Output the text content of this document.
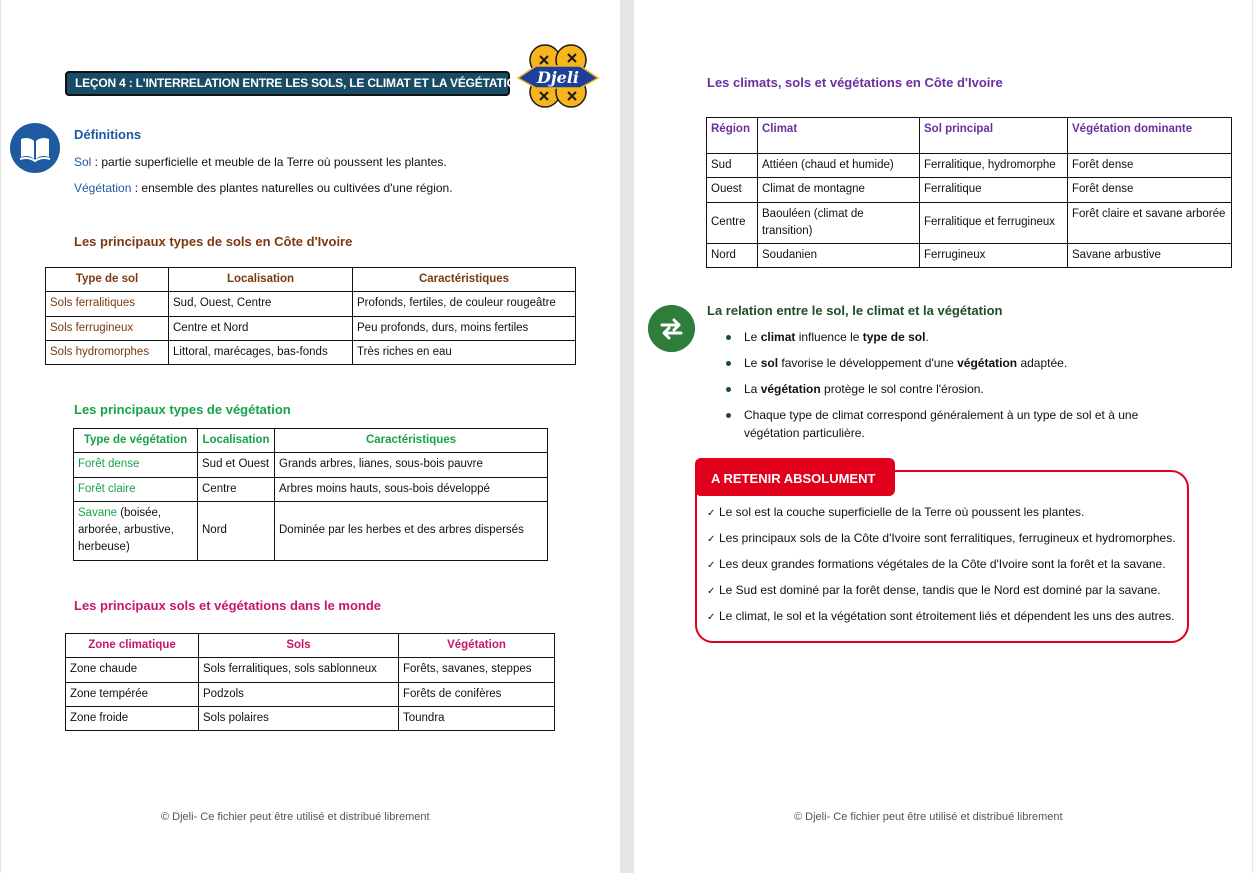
LEÇON 4 : L'INTERRELATION ENTRE LES SOLS, LE CLIMAT ET LA VÉGÉTATION Djeli
Définitions
Sol : partie superficielle et meuble de la Terre où poussent les plantes.
Végétation : ensemble des plantes naturelles ou cultivées d'une région.
Les principaux types de sols en Côte d'Ivoire
Type de sol	Localisation	Caractéristiques
Sols ferralitiques	Sud, Ouest, Centre	Profonds, fertiles, de couleur rougeâtre
Sols ferrugineux	Centre et Nord	Peu profonds, durs, moins fertiles
Sols hydromorphes	Littoral, marécages, bas-fonds	Très riches en eau
Les principaux types de végétation
Type de végétation	Localisation	Caractéristiques
Forêt dense	Sud et Ouest	Grands arbres, lianes, sous-bois pauvre
Forêt claire	Centre	Arbres moins hauts, sous-bois développé
Savane (boisée, arborée, arbustive, herbeuse)	Nord	Dominée par les herbes et des arbres dispersés
Les principaux sols et végétations dans le monde
Zone climatique	Sols	Végétation
Zone chaude	Sols ferralitiques, sols sablonneux	Forêts, savanes, steppes
Zone tempérée	Podzols	Forêts de conifères
Zone froide	Sols polaires	Toundra
© Djeli- Ce fichier peut être utilisé et distribué librement
Les climats, sols et végétations en Côte d'Ivoire
Région	Climat	Sol principal	Végétation dominante
Sud	Attiéen (chaud et humide)	Ferralitique, hydromorphe	Forêt dense
Ouest	Climat de montagne	Ferralitique	Forêt dense
Centre	Baouléen (climat de transition)	Ferralitique et ferrugineux	Forêt claire et savane arborée
Nord	Soudanien	Ferrugineux	Savane arbustive
La relation entre le sol, le climat et la végétation
Le climat influence le type de sol.
Le sol favorise le développement d'une végétation adaptée.
La végétation protège le sol contre l'érosion.
Chaque type de climat correspond généralement à un type de sol et à une végétation particulière.
A RETENIR ABSOLUMENT
✓ Le sol est la couche superficielle de la Terre où poussent les plantes.
✓ Les principaux sols de la Côte d'Ivoire sont ferralitiques, ferrugineux et hydromorphes.
✓ Les deux grandes formations végétales de la Côte d'Ivoire sont la forêt et la savane.
✓ Le Sud est dominé par la forêt dense, tandis que le Nord est dominé par la savane.
✓ Le climat, le sol et la végétation sont étroitement liés et dépendent les uns des autres.
© Djeli- Ce fichier peut être utilisé et distribué librement
